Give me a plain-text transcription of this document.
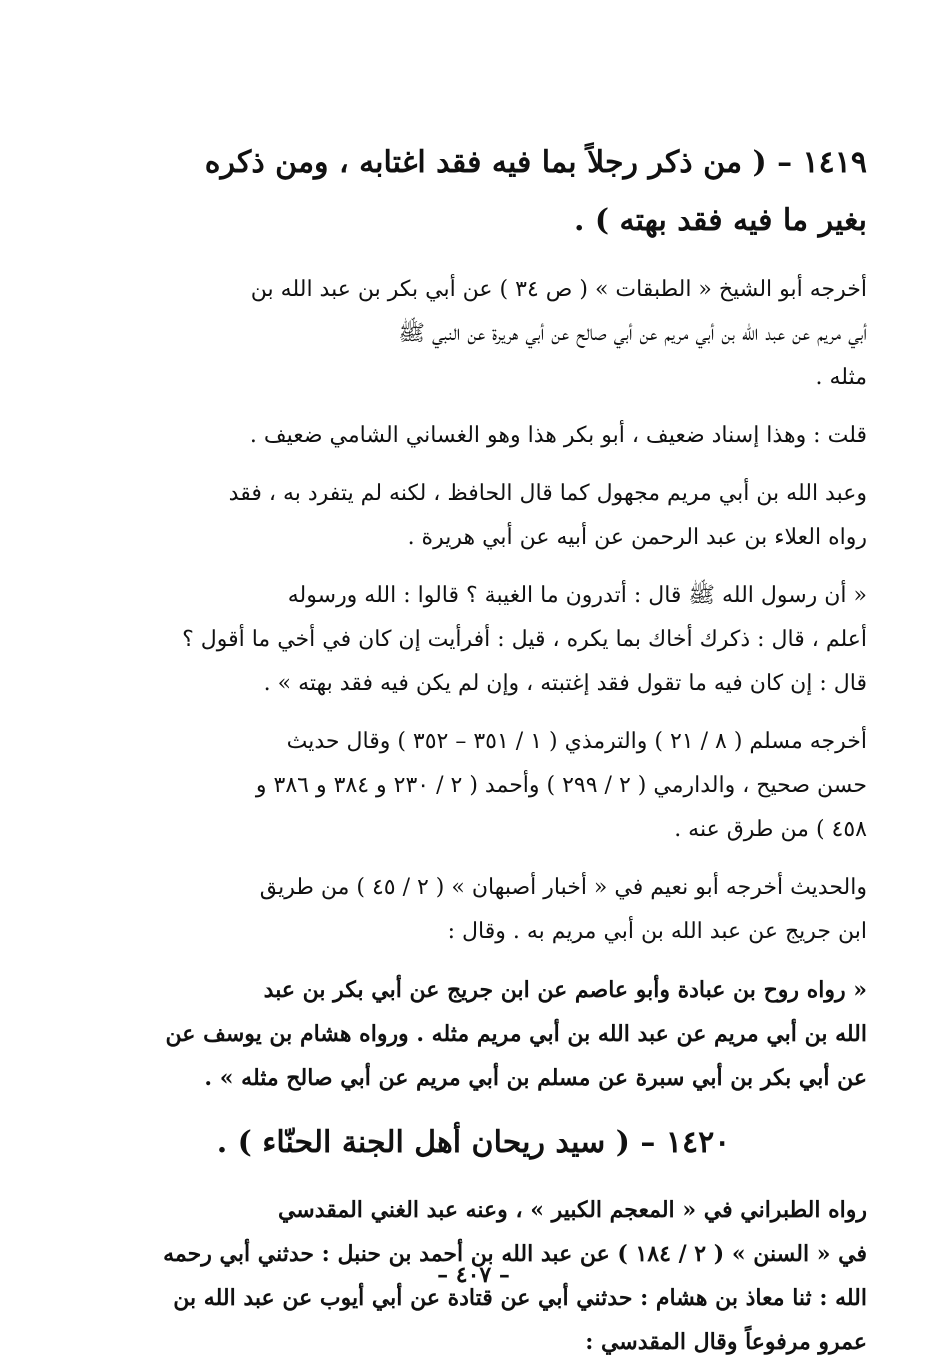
١٤١٩ – ( من ذكر رجلاً بما فيه فقد اغتابه ، ومن ذكره
بغير ما فيه فقد بهته ) .
أخرجه أبو الشيخ « الطبقات » ( ص ٣٤ ) عن أبي بكر بن عبد الله بن
أبي مريم عن عبد الله بن أبي مريم عن أبي صالح عن أبي هريرة عن النبي ﷺ
مثله .
قلت : وهذا إسناد ضعيف ، أبو بكر هذا وهو الغساني الشامي ضعيف .
وعبد الله بن أبي مريم مجهول كما قال الحافظ ، لكنه لم يتفرد به ، فقد
رواه العلاء بن عبد الرحمن عن أبيه عن أبي هريرة .
« أن رسول الله ﷺ قال : أتدرون ما الغيبة ؟ قالوا : الله ورسوله
أعلم ، قال : ذكرك أخاك بما يكره ، قيل : أفرأيت إن كان في أخي ما أقول ؟
قال : إن كان فيه ما تقول فقد إغتبته ، وإن لم يكن فيه فقد بهته » .
أخرجه مسلم ( ٨ / ٢١ ) والترمذي ( ١ / ٣٥١ – ٣٥٢ ) وقال حديث
حسن صحيح ، والدارمي ( ٢ / ٢٩٩ ) وأحمد ( ٢ / ٢٣٠ و ٣٨٤ و ٣٨٦ و
٤٥٨ ) من طرق عنه .
والحديث أخرجه أبو نعيم في « أخبار أصبهان » ( ٢ / ٤٥ ) من طريق
ابن جريج عن عبد الله بن أبي مريم به . وقال :
« رواه روح بن عبادة وأبو عاصم عن ابن جريج عن أبي بكر بن عبد
الله بن أبي مريم عن عبد الله بن أبي مريم مثله . ورواه هشام بن يوسف عن
عن أبي بكر بن أبي سبرة عن مسلم بن أبي مريم عن أبي صالح مثله » .
١٤٢٠ – ( سيد ريحان أهل الجنة الحنّاء ) .
رواه الطبراني في « المعجم الكبير » ، وعنه عبد الغني المقدسي
في « السنن » ( ٢ / ١٨٤ ) عن عبد الله بن أحمد بن حنبل : حدثني أبي رحمه
الله : ثنا معاذ بن هشام : حدثني أبي عن قتادة عن أبي أيوب عن عبد الله بن
عمرو مرفوعاً وقال المقدسي :
– ٤٠٧ –
